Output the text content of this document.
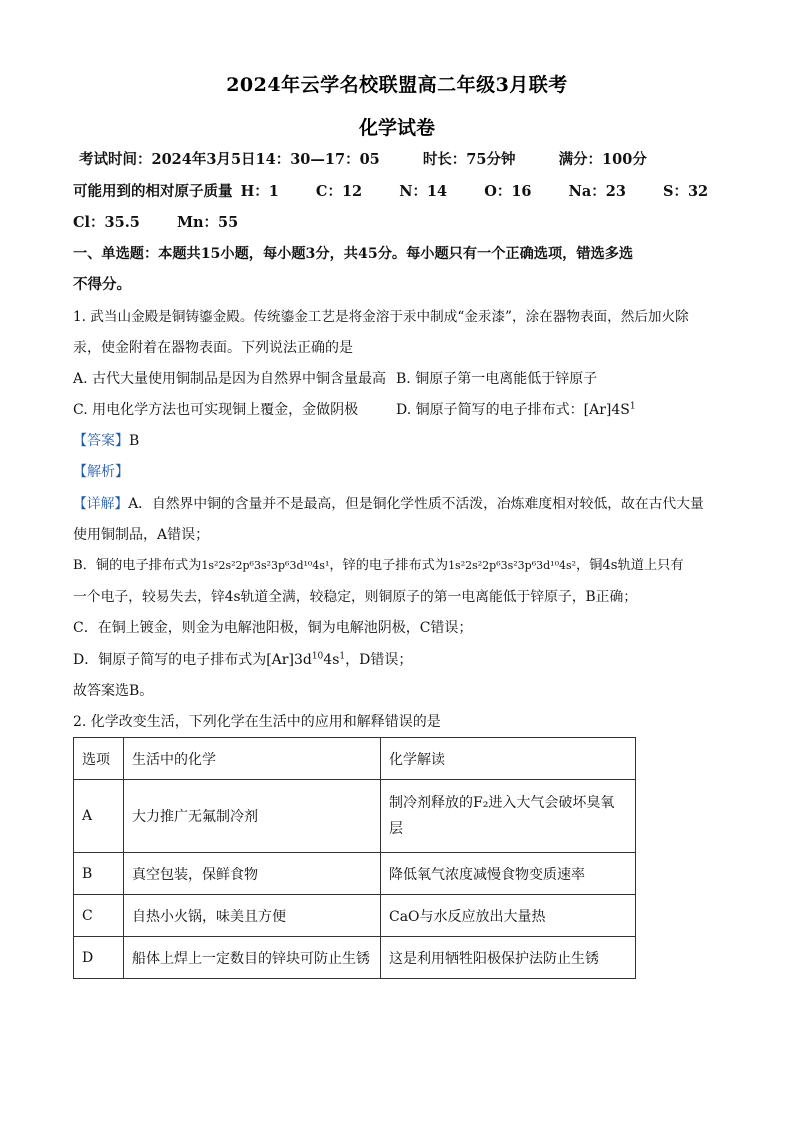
2024年云学名校联盟高二年级3月联考
化学试卷
考试时间：2024年3月5日14：30—17：05	时长：75分钟	满分：100分
可能用到的相对原子质量 H：1	C：12	N：14	O：16	Na：23	S：32
Cl：35.5	Mn：55
一、单选题：本题共15小题，每小题3分，共45分。每小题只有一个正确选项，错选多选
不得分。
1. 武当山金殿是铜铸鎏金殿。传统鎏金工艺是将金溶于汞中制成“金汞漆”，涂在器物表面，然后加火除
汞，使金附着在器物表面。下列说法正确的是
A. 古代大量使用铜制品是因为自然界中铜含量最高 B. 铜原子第一电离能低于锌原子
C. 用电化学方法也可实现铜上覆金，金做阴极	D. 铜原子简写的电子排布式：$[Ar]4S^1$
【答案】B
【解析】
【详解】A．自然界中铜的含量并不是最高，但是铜化学性质不活泼，冶炼难度相对较低，故在古代大量
使用铜制品，A错误；
B．铜的电子排布式为1s²2s²2p⁶3s²3p⁶3d¹⁰4s¹，锌的电子排布式为1s²2s²2p⁶3s²3p⁶3d¹⁰4s²，铜4s轨道上只有
一个电子，较易失去，锌4s轨道全满，较稳定，则铜原子的第一电离能低于锌原子，B正确；
C．在铜上镀金，则金为电解池阳极，铜为电解池阴极，C错误；
D．铜原子简写的电子排布式为$[Ar]3d^{10}4s^1$，D错误；
故答案选B。
2. 化学改变生活，下列化学在生活中的应用和解释错误的是
选项	生活中的化学	化学解读
A	大力推广无氟制冷剂	制冷剂释放的F₂进入大气会破坏臭氧层
B	真空包装，保鲜食物	降低氧气浓度减慢食物变质速率
C	自热小火锅，味美且方便	CaO与水反应放出大量热
D	船体上焊上一定数目的锌块可防止生锈	这是利用牺牲阳极保护法防止生锈
